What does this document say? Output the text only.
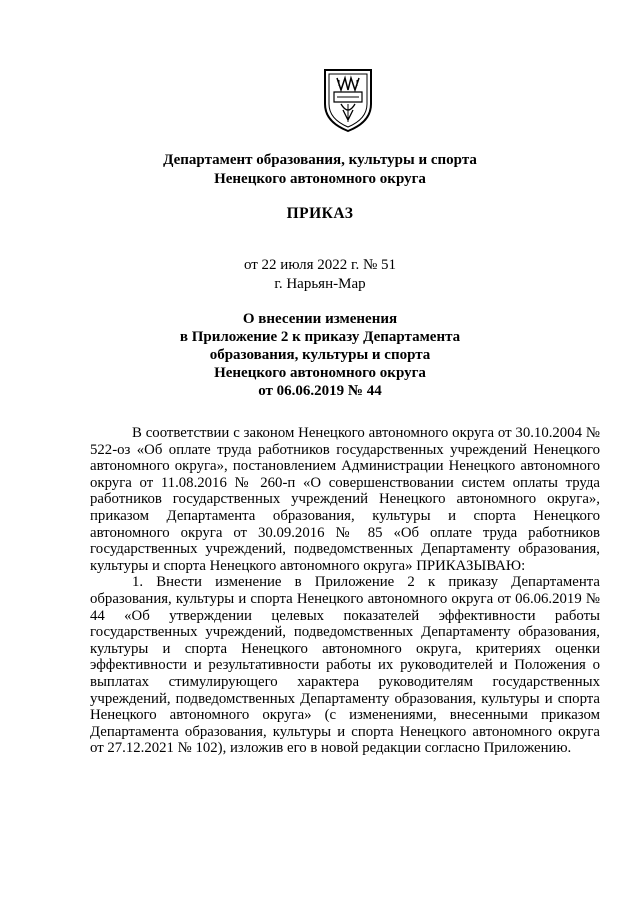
Департамент образования, культуры и спорта
Ненецкого автономного округа
ПРИКАЗ
от 22 июля 2022 г. № 51
г. Нарьян-Мар
О внесении изменения
в Приложение 2 к приказу Департамента
образования, культуры и спорта
Ненецкого автономного округа
от 06.06.2019 № 44

В соответствии с законом Ненецкого автономного округа от 30.10.2004 № 522-оз «Об оплате труда работников государственных учреждений Ненецкого автономного округа», постановлением Администрации Ненецкого автономного округа от 11.08.2016 № 260-п «О совершенствовании систем оплаты труда работников государственных учреждений Ненецкого автономного округа», приказом Департамента образования, культуры и спорта Ненецкого автономного округа от 30.09.2016 № 85 «Об оплате труда работников государственных учреждений, подведомственных Департаменту образования, культуры и спорта Ненецкого автономного округа» ПРИКАЗЫВАЮ:

1. Внести изменение в Приложение 2 к приказу Департамента образования, культуры и спорта Ненецкого автономного округа от 06.06.2019 № 44 «Об утверждении целевых показателей эффективности работы государственных учреждений, подведомственных Департаменту образования, культуры и спорта Ненецкого автономного округа, критериях оценки эффективности и результативности работы их руководителей и Положения о выплатах стимулирующего характера руководителям государственных учреждений, подведомственных Департаменту образования, культуры и спорта Ненецкого автономного округа» (с изменениями, внесенными приказом Департамента образования, культуры и спорта Ненецкого автономного округа от 27.12.2021 № 102), изложив его в новой редакции согласно Приложению.
